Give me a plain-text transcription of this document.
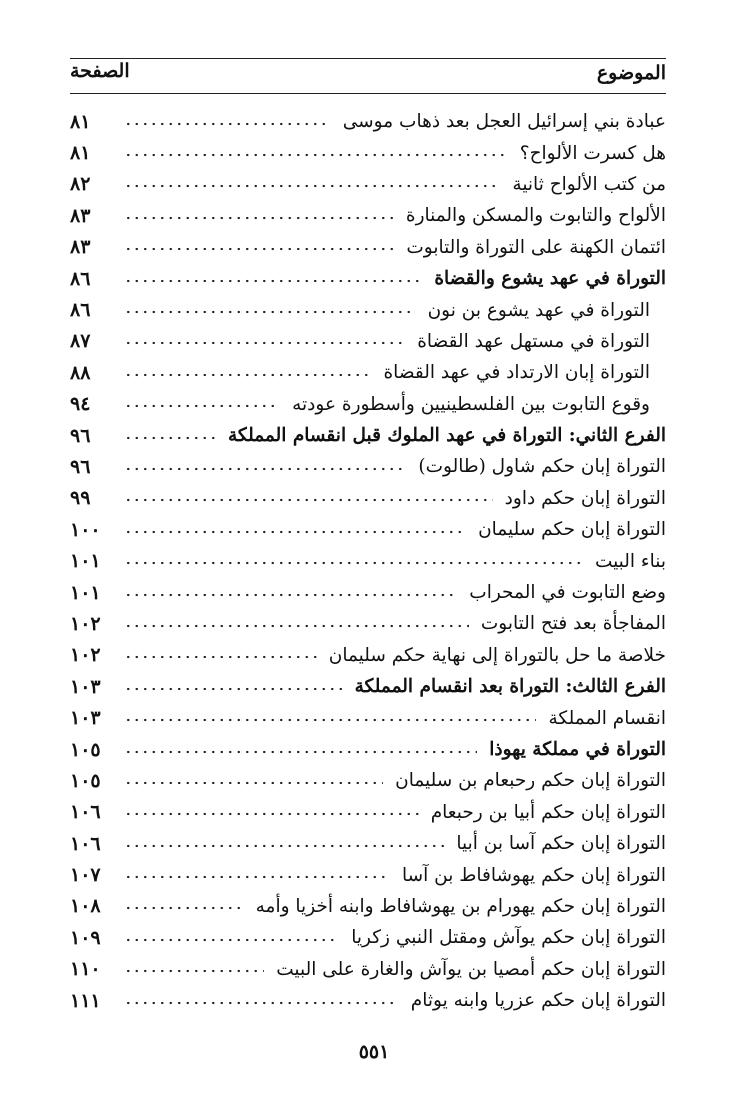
الموضوع
الصفحة
عبادة بني إسرائيل العجل بعد ذهاب موسى
٨١
هل كسرت الألواح؟
٨١
من كتب الألواح ثانية
٨٢
الألواح والتابوت والمسكن والمنارة
٨٣
ائتمان الكهنة على التوراة والتابوت
٨٣
التوراة في عهد يشوع والقضاة
٨٦
التوراة في عهد يشوع بن نون
٨٦
التوراة في مستهل عهد القضاة
٨٧
التوراة إبان الارتداد في عهد القضاة
٨٨
وقوع التابوت بين الفلسطينيين وأسطورة عودته
٩٤
الفرع الثاني: التوراة في عهد الملوك قبل انقسام المملكة
٩٦
التوراة إبان حكم شاول (طالوت)
٩٦
التوراة إبان حكم داود
٩٩
التوراة إبان حكم سليمان
١٠٠
بناء البيت
١٠١
وضع التابوت في المحراب
١٠١
المفاجأة بعد فتح التابوت
١٠٢
خلاصة ما حل بالتوراة إلى نهاية حكم سليمان
١٠٢
الفرع الثالث: التوراة بعد انقسام المملكة
١٠٣
انقسام المملكة
١٠٣
التوراة في مملكة يهوذا
١٠٥
التوراة إبان حكم رحبعام بن سليمان
١٠٥
التوراة إبان حكم أبيا بن رحبعام
١٠٦
التوراة إبان حكم آسا بن أبيا
١٠٦
التوراة إبان حكم يهوشافاط بن آسا
١٠٧
التوراة إبان حكم يهورام بن يهوشافاط وابنه أخزيا وأمه
١٠٨
التوراة إبان حكم يوآش ومقتل النبي زكريا
١٠٩
التوراة إبان حكم أمصيا بن يوآش والغارة على البيت
١١٠
التوراة إبان حكم عزريا وابنه يوثام
١١١
٥٥١
